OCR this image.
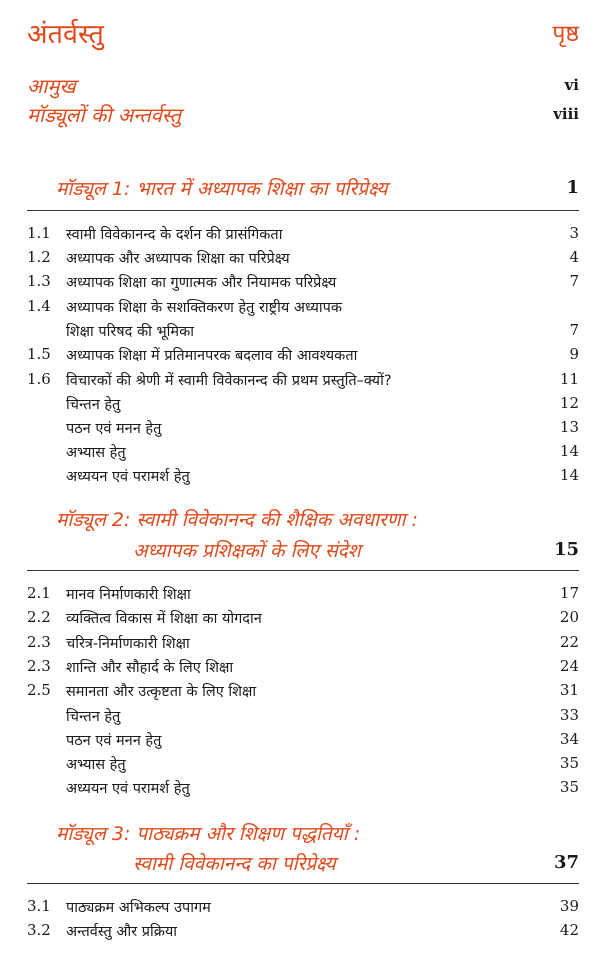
अंतर्वस्तु	पृष्ठ
आमुख	vi
मॉड्यूलों की अन्तर्वस्तु	viii
मॉड्यूल 1: भारत में अध्यापक शिक्षा का परिप्रेक्ष्य	1
1.1 स्वामी विवेकानन्द के दर्शन की प्रासंगिकता	3
1.2 अध्यापक और अध्यापक शिक्षा का परिप्रेक्ष्य	4
1.3 अध्यापक शिक्षा का गुणात्मक और नियामक परिप्रेक्ष्य	7
1.4 अध्यापक शिक्षा के सशक्तिकरण हेतु राष्ट्रीय अध्यापक
शिक्षा परिषद की भूमिका	7
1.5 अध्यापक शिक्षा में प्रतिमानपरक बदलाव की आवश्यकता	9
1.6 विचारकों की श्रेणी में स्वामी विवेकानन्द की प्रथम प्रस्तुति–क्यों?	11
चिन्तन हेतु	12
पठन एवं मनन हेतु	13
अभ्यास हेतु	14
अध्ययन एवं परामर्श हेतु	14
मॉड्यूल 2: स्वामी विवेकानन्द की शैक्षिक अवधारणा :
अध्यापक प्रशिक्षकों के लिए संदेश	15
2.1 मानव निर्माणकारी शिक्षा	17
2.2 व्यक्तित्व विकास में शिक्षा का योगदान	20
2.3 चरित्र-निर्माणकारी शिक्षा	22
2.3 शान्ति और सौहार्द के लिए शिक्षा	24
2.5 समानता और उत्कृष्टता के लिए शिक्षा	31
चिन्तन हेतु	33
पठन एवं मनन हेतु	34
अभ्यास हेतु	35
अध्ययन एवं परामर्श हेतु	35
मॉड्यूल 3: पाठ्यक्रम और शिक्षण पद्धतियाँ :
स्वामी विवेकानन्द का परिप्रेक्ष्य	37
3.1 पाठ्यक्रम अभिकल्प उपागम	39
3.2 अन्तर्वस्तु और प्रक्रिया	42
